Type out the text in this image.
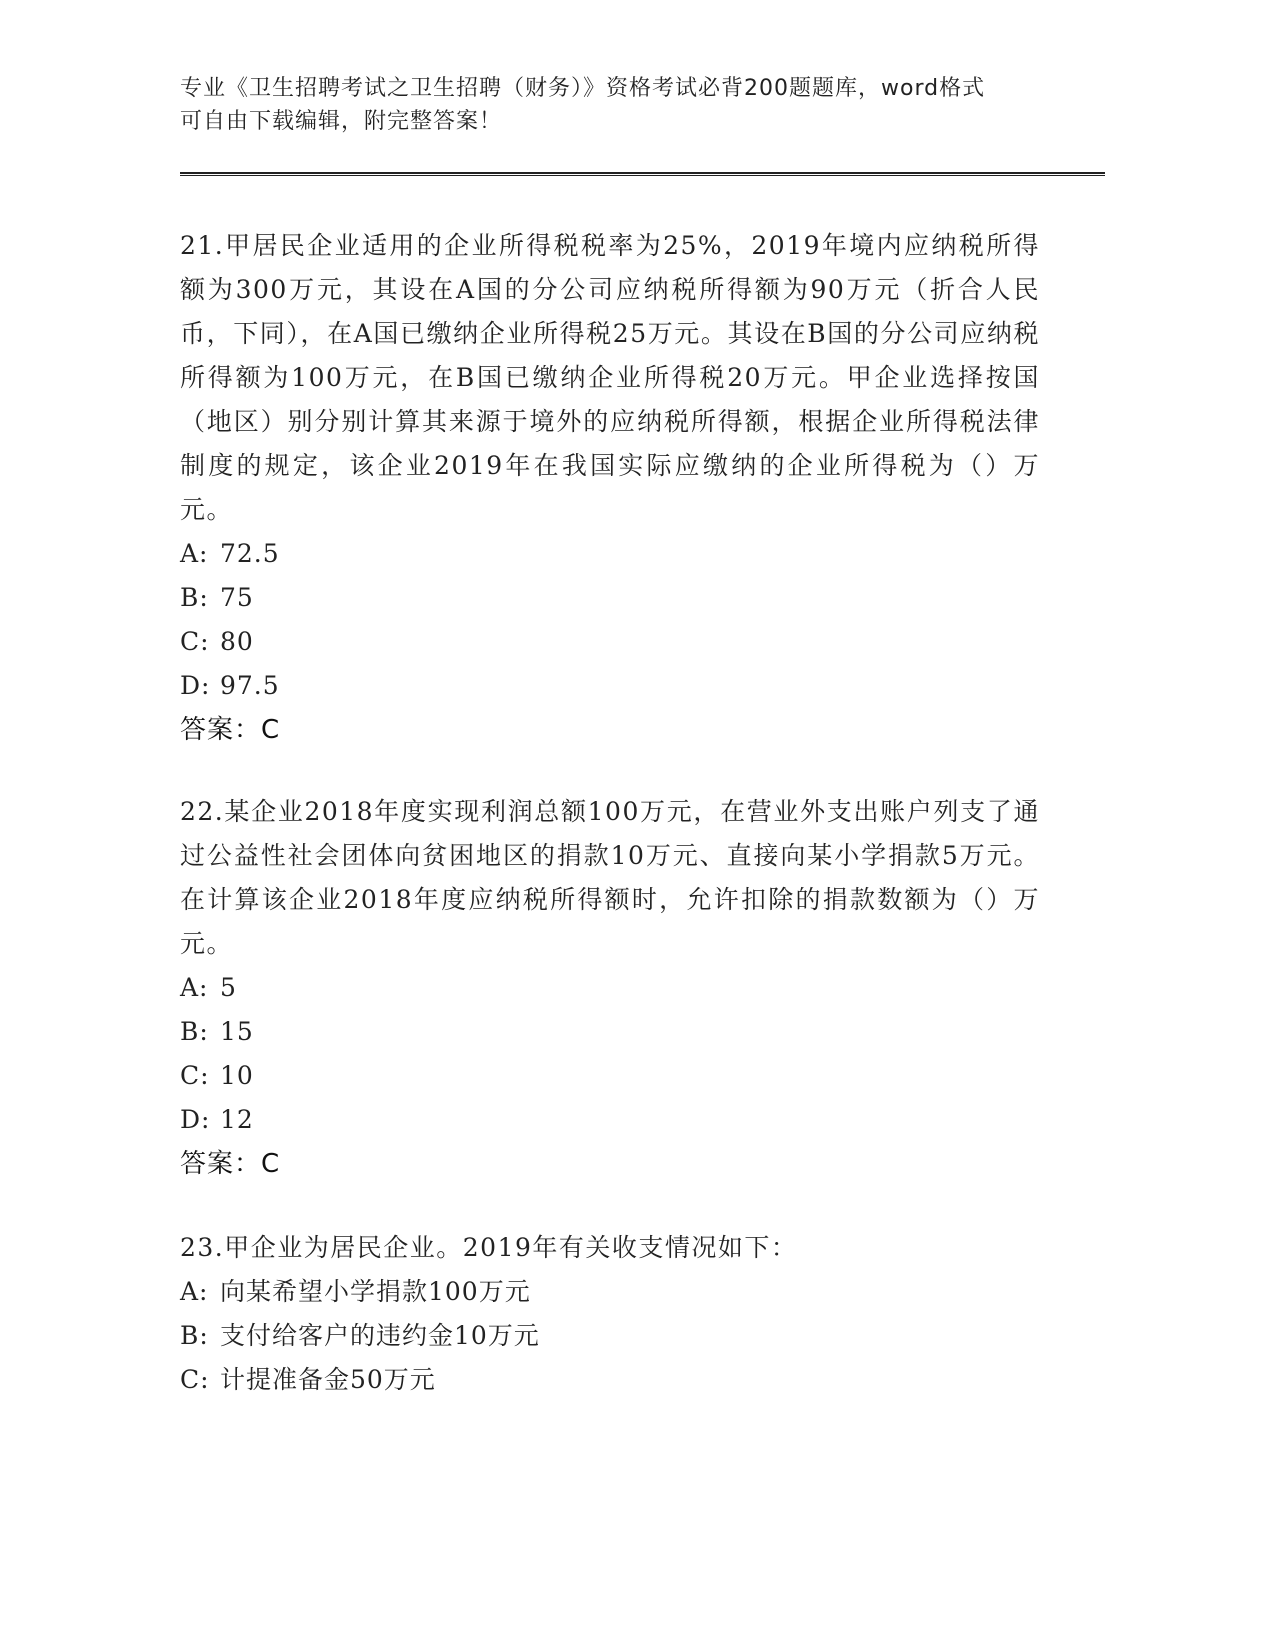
专业《卫生招聘考试之卫生招聘（财务）》资格考试必背200题题库，word格式
可自由下载编辑，附完整答案！

21.甲居民企业适用的企业所得税税率为25%，2019年境内应纳税所得额为300万元，其设在A国的分公司应纳税所得额为90万元（折合人民币，下同），在A国已缴纳企业所得税25万元。其设在B国的分公司应纳税所得额为100万元，在B国已缴纳企业所得税20万元。甲企业选择按国（地区）别分别计算其来源于境外的应纳税所得额，根据企业所得税法律制度的规定，该企业2019年在我国实际应缴纳的企业所得税为（）万元。

A: 72.5
B: 75
C: 80
D: 97.5
答案：C

22.某企业2018年度实现利润总额100万元，在营业外支出账户列支了通过公益性社会团体向贫困地区的捐款10万元、直接向某小学捐款5万元。在计算该企业2018年度应纳税所得额时，允许扣除的捐款数额为（）万元。

A: 5
B: 15
C: 10
D: 12
答案：C

23.甲企业为居民企业。2019年有关收支情况如下：

A: 向某希望小学捐款100万元
B: 支付给客户的违约金10万元
C: 计提准备金50万元
